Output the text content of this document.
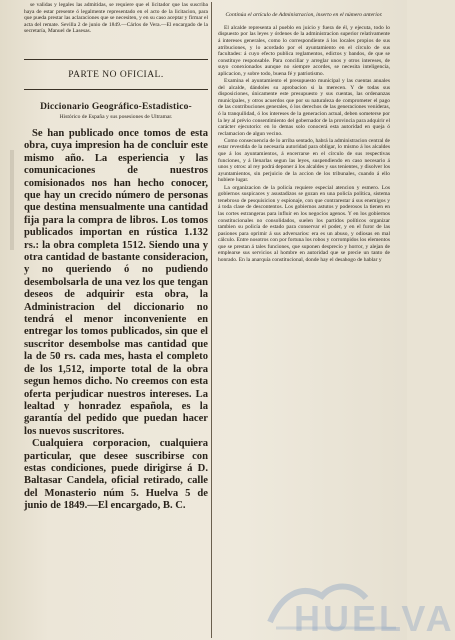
se validas y legales las admitidas, se requiere que el licitador que las suscriba haya de estar presente ó legalmente representado en el acto de la licitacion, para que pueda prestar las aclaraciones que se necesiten, y en su caso aceptar y firmar el acta del remate. Sevilla 2 de junio de 1849.—Cárlos de Vera.—El encargado de la secretaría, Manuel de Lasesas.

PARTE NO OFICIAL.
Diccionario Geográfico-Estadistico-
Histórico de España y sus posesiones de Ultramar.

Se han publicado once tomos de esta obra, cuya impresion ha de concluir este mismo año. La esperiencia y las comunicaciones de nuestros comisionados nos han hecho conocer, que hay un crecido número de personas que destina mensualmente una cantidad fija para la compra de libros. Los tomos publicados importan en rústica 1.132 rs.: la obra completa 1512. Siendo una y otra cantidad de bastante consideracion, y no queriendo ó no pudiendo desembolsarla de una vez los que tengan deseos de adquirir esta obra, la Administracion del diccionario no tendrá el menor inconveniente en entregar los tomos publicados, sin que el suscritor desembolse mas cantidad que la de 50 rs. cada mes, hasta el completo de los 1,512, importe total de la obra segun hemos dicho. No creemos con esta oferta perjudicar nuestros intereses. La lealtad y honradez española, es la garantía del pedido que puedan hacer los nuevos suscritores.

Cualquiera corporacion, cualquiera particular, que desee suscribirse con estas condiciones, puede dirigirse á D. Baltasar Candela, oficial retirado, calle del Monasterio núm 5. Huelva 5 de junio de 1849.—El encargado, B. C.

Continúa el artículo de Administracion, inserto en el número anterior.

El alcalde representa al pueblo en juicio y fuera de él, y ejecuta, todo lo dispuesto por las leyes y órdenes de la administracion superior relativamente á intereses generales, como lo correspondiente á los locales propios de sus atribuciones, y lo acordado por el ayuntamiento en el círculo de sus facultades: á cuyo efecto publica reglamentos, edictos y bandos, de que se constituye responsable. Para conciliar y arreglar unos y otros intereses, de suyo conexionados aunque no siempre acordes, se necesita inteligencia, aplicacion, y sobre todo, buena fé y patriotismo.

Examina el ayuntamiento el presupuesto municipal y las cuentas anuales del alcalde, dándoles su aprobacion si la merecen. Y de todas sus disposiciones, únicamente este presupuesto y sus cuentas, las ordenanzas municipales, y otros acuerdos que por su naturaleza de comprometer el pago de las contribuciones generales, ó los derechos de las generaciones venideras, ó la tranquilidad, ó los intereses de la generacion actual, deben someterse por la ley al prévio consentimiento del gobernador de la provincia para adquirir el carácter ejecutorio: en lo demas solo conocerá esta autoridad en queja ó reclamacion de algun vecino.

Como consecuencia de lo arriba sentado, habrá la administracion central de estar revestida de la necesaria autoridad para obligar, lo mismo á los alcaldes que á los ayuntamientos, á encerrarse en el círculo de sus respectivas funciones, y á llenarlas segun las leyes, suspendiendo en caso necesario á unos y otros: al rey podrá deponer á los alcaldes y sus tenientes, y disolver los ayuntamientos, sin perjuicio de la accion de los tribunales, cuando á ello hubiere lugar.

La organizacion de la policía requiere especial atencion y esmero. Los gobiernos suspicaces y asustadizos se gozan en una policía política, sistema tenebroso de pesquisicion y espionaje, con que contrarestar á sus enemigos y á toda clase de descontentos. Los gobiernos astutos y poderosos la tienen en las cortes estrangeras para influir en los negocios agenos. Y en los gobiernos constitucionales no consolidados, suelen los partidos políticos organizar tambien su policía de estado para conservar el poder, y en el furor de las pasiones para oprimir á sus adversarios: era es un abuso, y odiosas en mal cálculo. Entre nosotros con por fortuna los robos y corrompidos los elementos que se prestan á tales funciones, que suponen desprecio y horror, y alejan de emplearse sus servicios al hombre en autoridad que se precie un tanto de honrado. En la anarquía constitucional, donde hay el desahogo de hablar y

HUELVA
